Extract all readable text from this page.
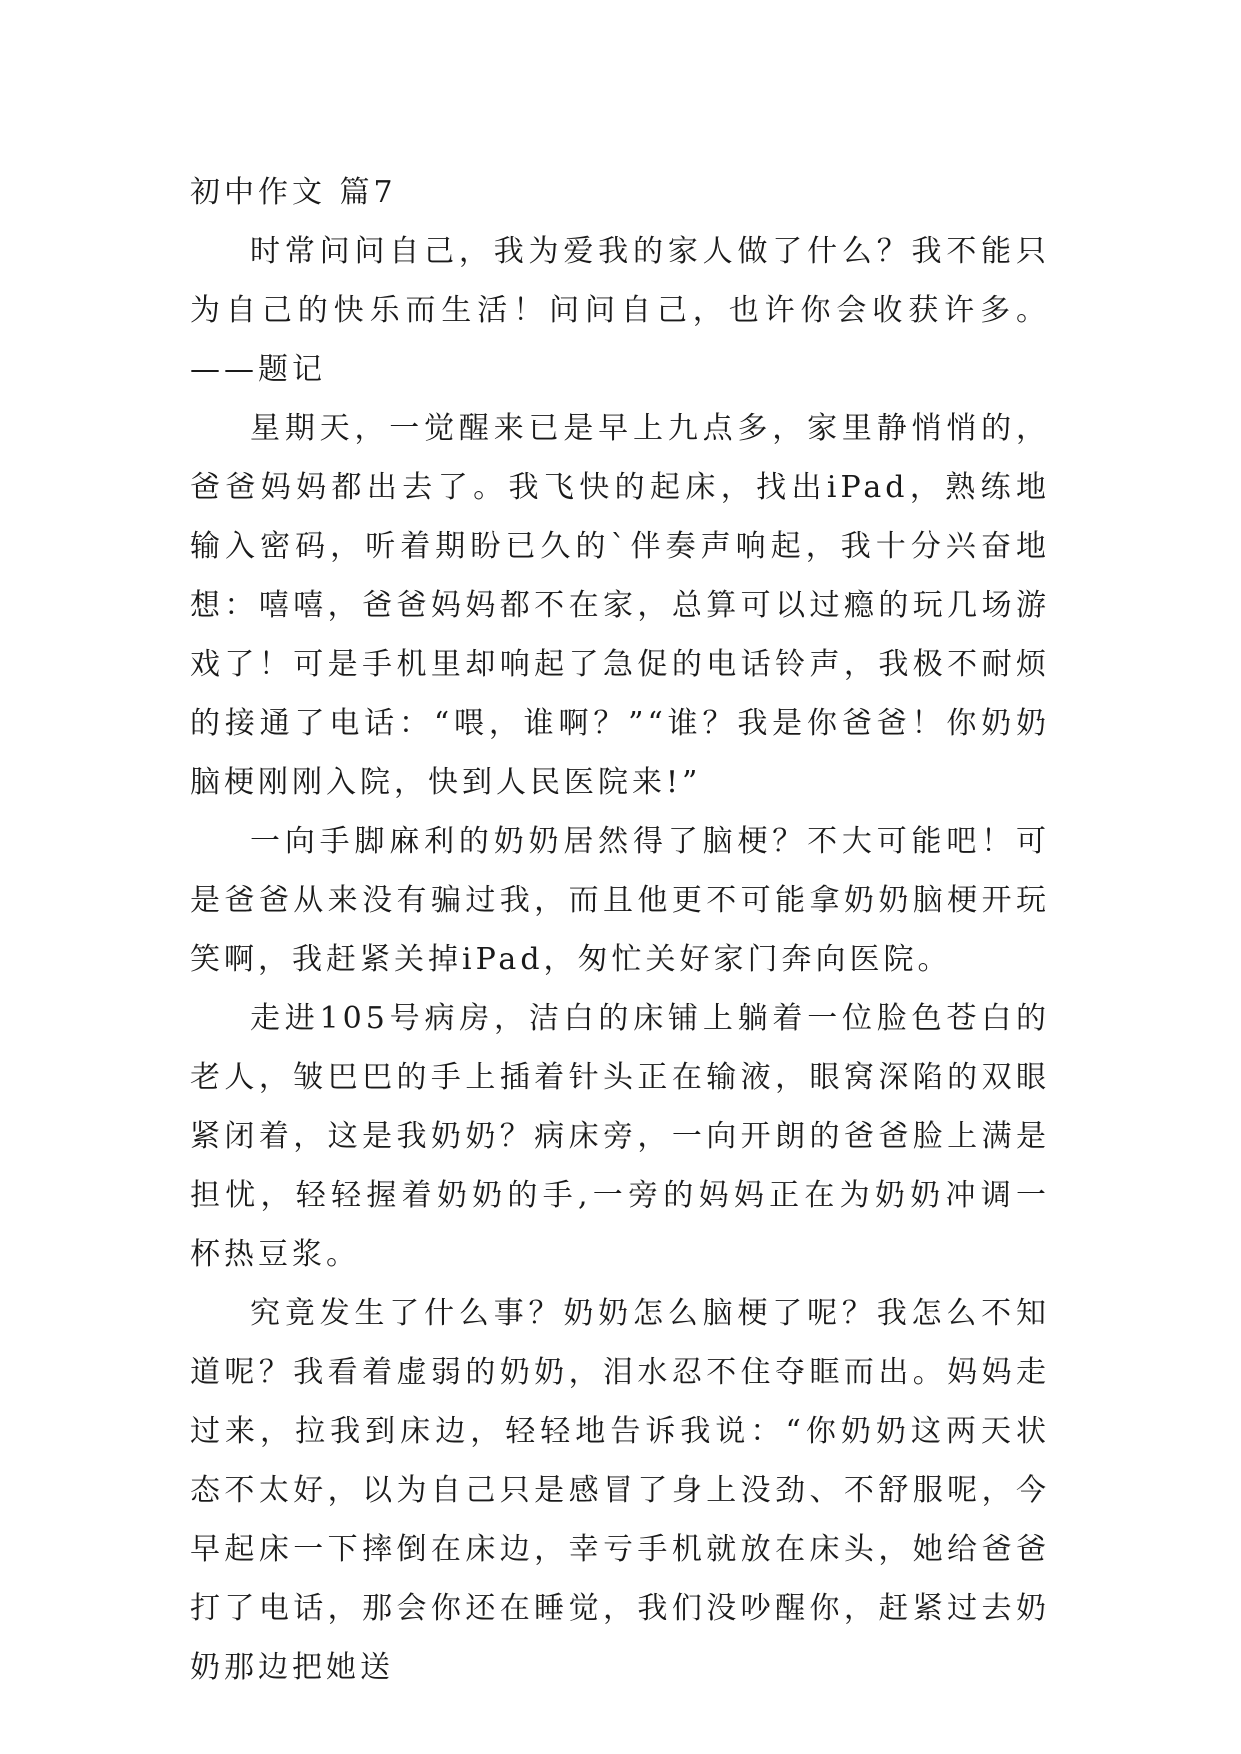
初中作文 篇7

时常问问自己，我为爱我的家人做了什么？我不能只为自己的快乐而生活！问问自己，也许你会收获许多。——题记

星期天，一觉醒来已是早上九点多，家里静悄悄的，爸爸妈妈都出去了。我飞快的起床，找出iPad，熟练地输入密码，听着期盼已久的`伴奏声响起，我十分兴奋地想：嘻嘻，爸爸妈妈都不在家，总算可以过瘾的玩几场游戏了！可是手机里却响起了急促的电话铃声，我极不耐烦的接通了电话：“喂，谁啊？”“谁？我是你爸爸！你奶奶脑梗刚刚入院，快到人民医院来!”

一向手脚麻利的奶奶居然得了脑梗？不大可能吧！可是爸爸从来没有骗过我，而且他更不可能拿奶奶脑梗开玩笑啊，我赶紧关掉iPad，匆忙关好家门奔向医院。

走进105号病房，洁白的床铺上躺着一位脸色苍白的老人，皱巴巴的手上插着针头正在输液，眼窝深陷的双眼紧闭着，这是我奶奶？病床旁，一向开朗的爸爸脸上满是担忧，轻轻握着奶奶的手,一旁的妈妈正在为奶奶冲调一杯热豆浆。

究竟发生了什么事？奶奶怎么脑梗了呢？我怎么不知道呢？我看着虚弱的奶奶，泪水忍不住夺眶而出。妈妈走过来，拉我到床边，轻轻地告诉我说：“你奶奶这两天状态不太好，以为自己只是感冒了身上没劲、不舒服呢，今早起床一下摔倒在床边，幸亏手机就放在床头，她给爸爸打了电话，那会你还在睡觉，我们没吵醒你，赶紧过去奶奶那边把她送
